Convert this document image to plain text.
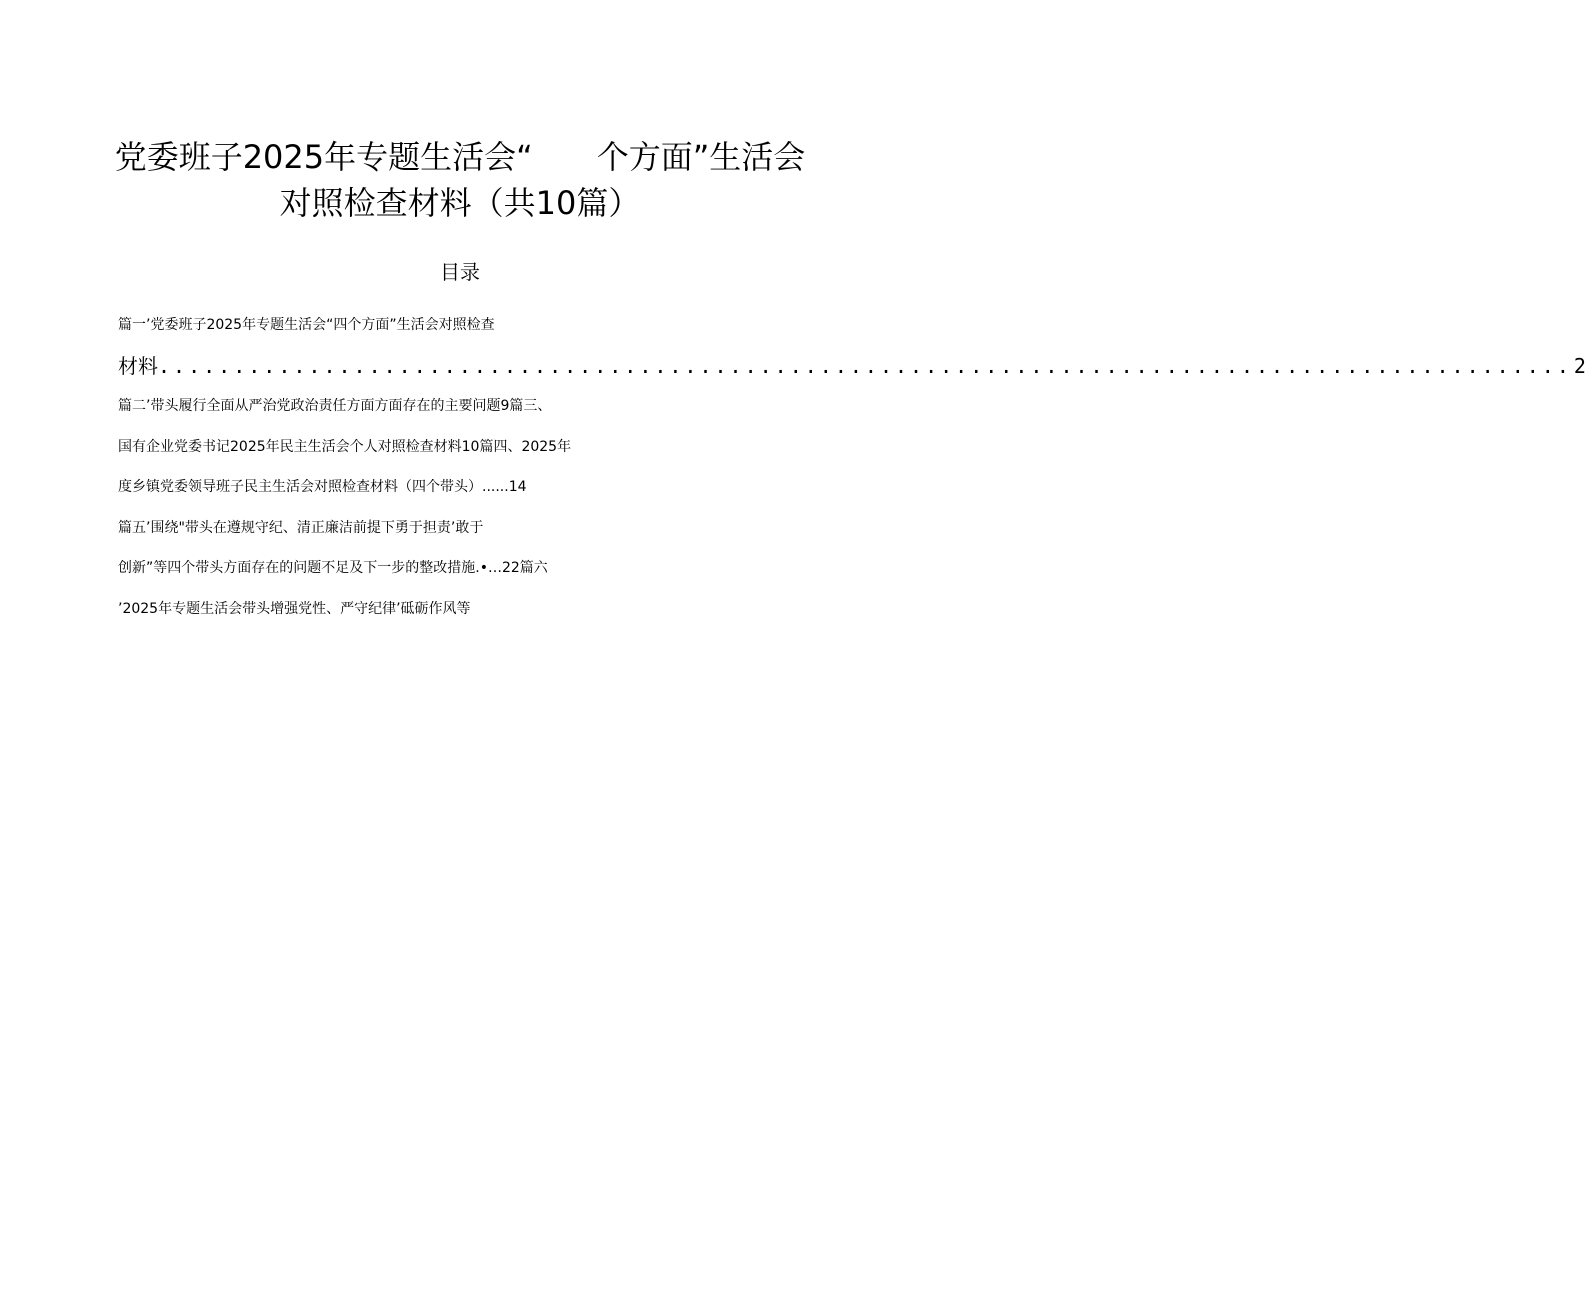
党委班子2025年专题生活会“　　个方面”生活会
对照检查材料（共10篇）
目录
篇一’党委班子2025年专题生活会“四个方面”生活会对照检查
材料 .............................................................................................. 2
篇二’带头履行全面从严治党政治责任方面方面存在的主要问题9篇三、
国有企业党委书记2025年民主生活会个人对照检查材料10篇四、2025年
度乡镇党委领导班子民主生活会对照检查材料（四个带头）......14
篇五’围绕"带头在遵规守纪、清正廉洁前提下勇于担责’敢于
创新”等四个带头方面存在的问题不足及下一步的整改措施.•…22篇六
’2025年专题生活会带头增强党性、严守纪律’砥砺作风等
